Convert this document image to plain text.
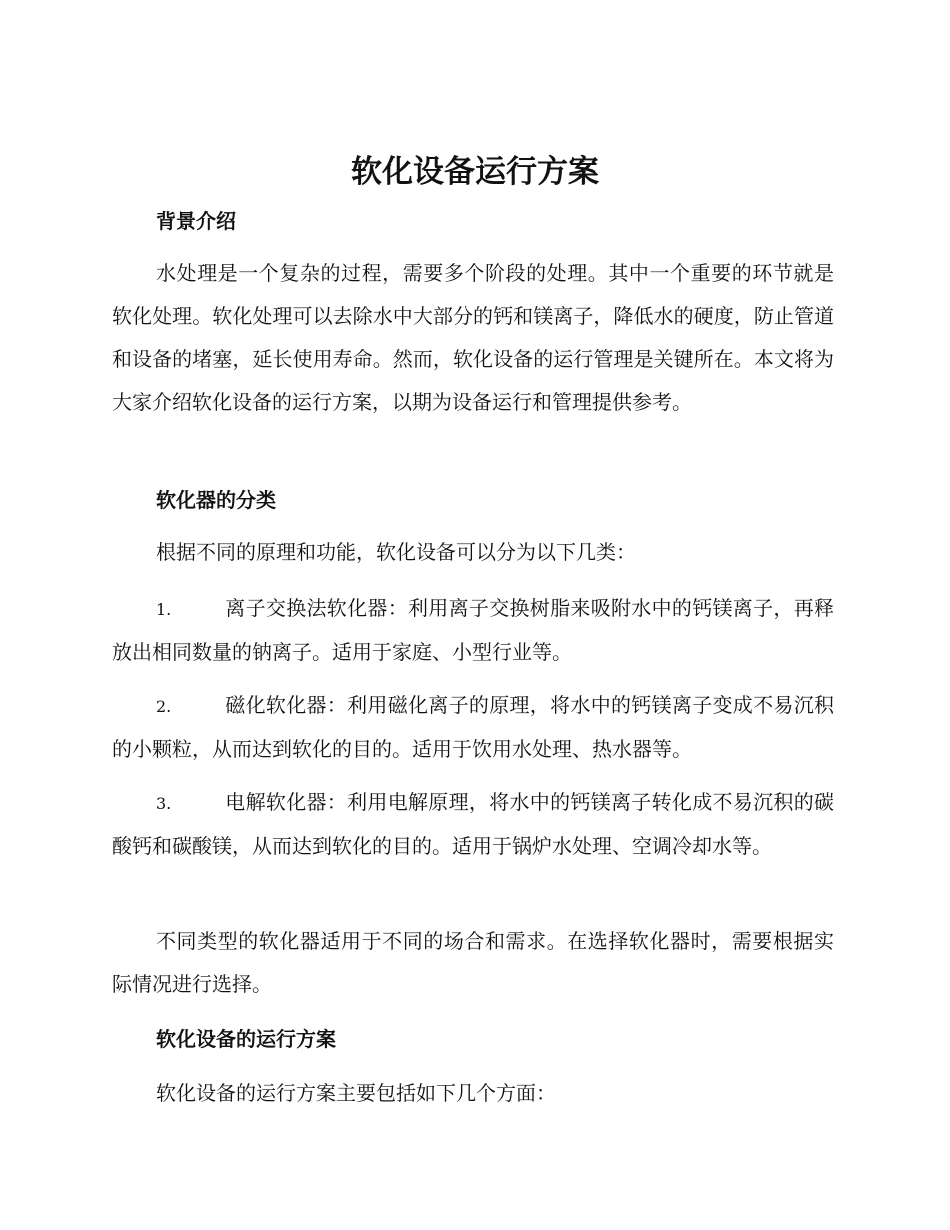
软化设备运行方案
背景介绍

水处理是一个复杂的过程，需要多个阶段的处理。其中一个重要的环节就是软化处理。软化处理可以去除水中大部分的钙和镁离子，降低水的硬度，防止管道和设备的堵塞，延长使用寿命。然而，软化设备的运行管理是关键所在。本文将为大家介绍软化设备的运行方案，以期为设备运行和管理提供参考。

软化器的分类

根据不同的原理和功能，软化设备可以分为以下几类：

1.	离子交换法软化器：利用离子交换树脂来吸附水中的钙镁离子，再释放出相同数量的钠离子。适用于家庭、小型行业等。

2.	磁化软化器：利用磁化离子的原理，将水中的钙镁离子变成不易沉积的小颗粒，从而达到软化的目的。适用于饮用水处理、热水器等。

3.	电解软化器：利用电解原理，将水中的钙镁离子转化成不易沉积的碳酸钙和碳酸镁，从而达到软化的目的。适用于锅炉水处理、空调冷却水等。

不同类型的软化器适用于不同的场合和需求。在选择软化器时，需要根据实际情况进行选择。

软化设备的运行方案

软化设备的运行方案主要包括如下几个方面：
